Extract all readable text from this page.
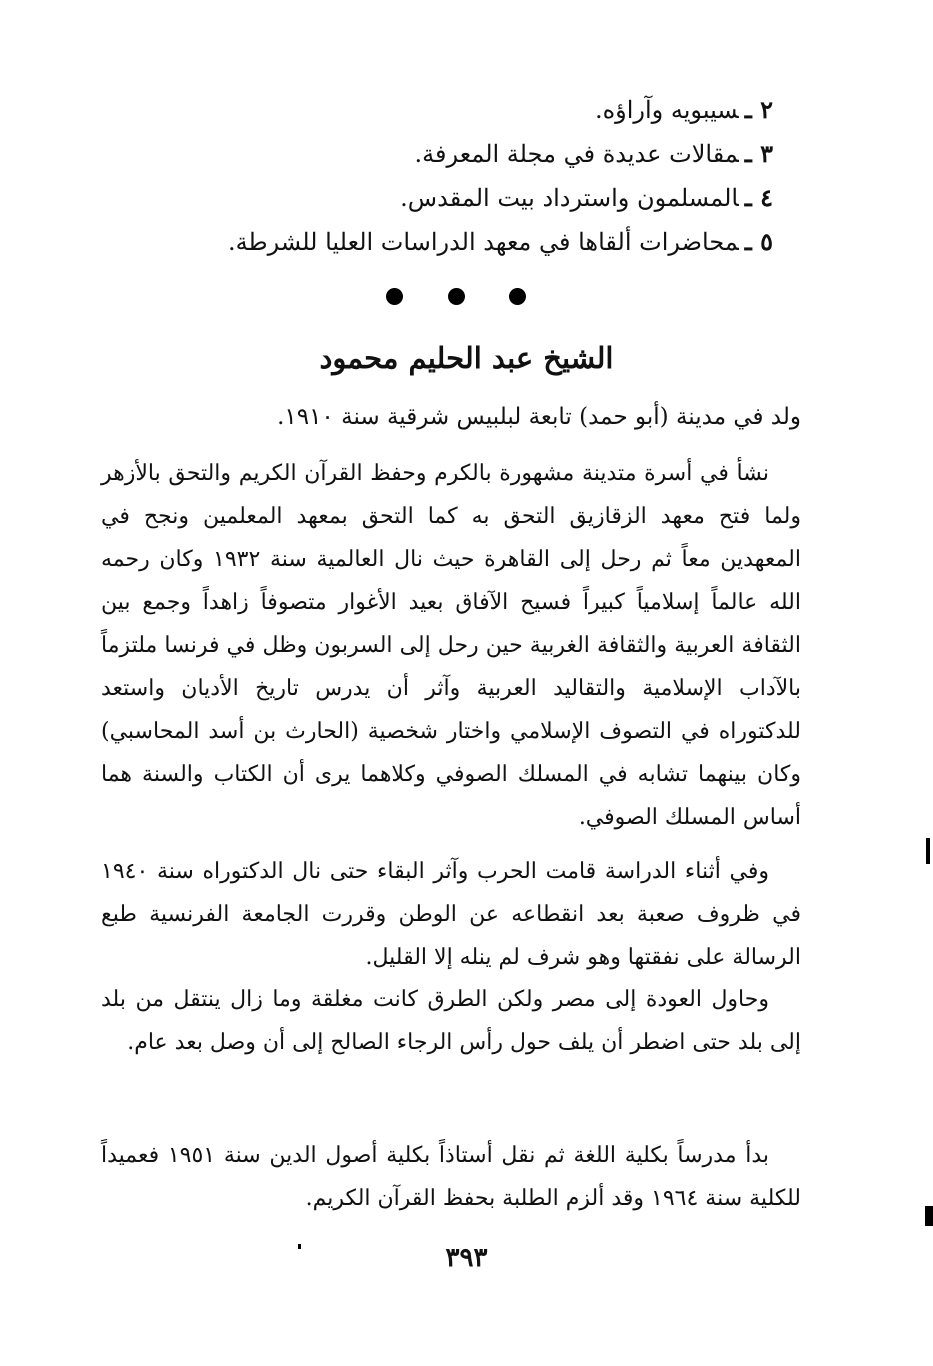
٢ ـسيبويه وآراؤه.
٣ ـمقالات عديدة في مجلة المعرفة.
٤ ـالمسلمون واسترداد بيت المقدس.
٥ ـمحاضرات ألقاها في معهد الدراسات العليا للشرطة.
الشيخ عبد الحليم محمود

ولد في مدينة (أبو حمد) تابعة لبلبيس شرقية سنة ١٩١٠.

نشأ في أسرة متدينة مشهورة بالكرم وحفظ القرآن الكريم والتحق بالأزهر ولما فتح معهد الزقازيق التحق به كما التحق بمعهد المعلمين ونجح في المعهدين معاً ثم رحل إلى القاهرة حيث نال العالمية سنة ١٩٣٢ وكان رحمه الله عالماً إسلامياً كبيراً فسيح الآفاق بعيد الأغوار متصوفاً زاهداً وجمع بين الثقافة العربية والثقافة الغربية حين رحل إلى السربون وظل في فرنسا ملتزماً بالآداب الإسلامية والتقاليد العربية وآثر أن يدرس تاريخ الأديان واستعد للدكتوراه في التصوف الإسلامي واختار شخصية (الحارث بن أسد المحاسبي) وكان بينهما تشابه في المسلك الصوفي وكلاهما يرى أن الكتاب والسنة هما أساس المسلك الصوفي.

وفي أثناء الدراسة قامت الحرب وآثر البقاء حتى نال الدكتوراه سنة ١٩٤٠ في ظروف صعبة بعد انقطاعه عن الوطن وقررت الجامعة الفرنسية طبع الرسالة على نفقتها وهو شرف لم ينله إلا القليل.

وحاول العودة إلى مصر ولكن الطرق كانت مغلقة وما زال ينتقل من بلد إلى بلد حتى اضطر أن يلف حول رأس الرجاء الصالح إلى أن وصل بعد عام.

بدأ مدرساً بكلية اللغة ثم نقل أستاذاً بكلية أصول الدين سنة ١٩٥١ فعميداً للكلية سنة ١٩٦٤ وقد ألزم الطلبة بحفظ القرآن الكريم.

٣٩٣
